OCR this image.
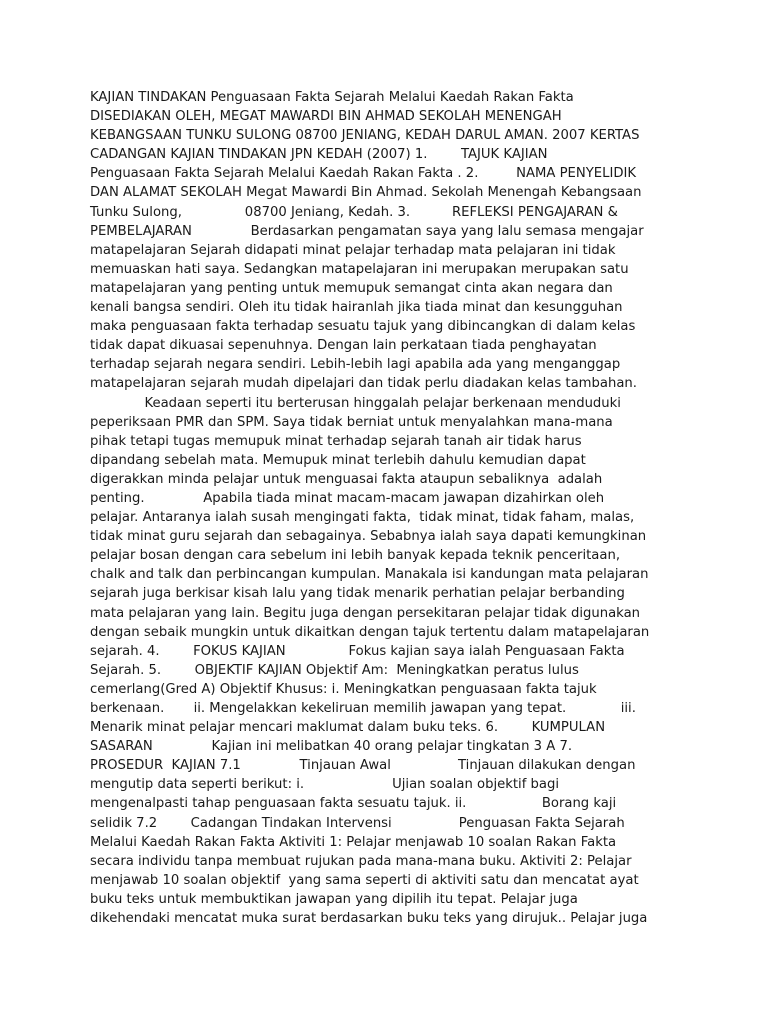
KAJIAN TINDAKAN Penguasaan Fakta Sejarah Melalui Kaedah Rakan Fakta
DISEDIAKAN OLEH, MEGAT MAWARDI BIN AHMAD SEKOLAH MENENGAH
KEBANGSAAN TUNKU SULONG 08700 JENIANG, KEDAH DARUL AMAN. 2007 KERTAS
CADANGAN KAJIAN TINDAKAN JPN KEDAH (2007) 1.        TAJUK KAJIAN
Penguasaan Fakta Sejarah Melalui Kaedah Rakan Fakta . 2.         NAMA PENYELIDIK
DAN ALAMAT SEKOLAH Megat Mawardi Bin Ahmad. Sekolah Menengah Kebangsaan
Tunku Sulong,               08700 Jeniang, Kedah. 3.          REFLEKSI PENGAJARAN &
PEMBELAJARAN              Berdasarkan pengamatan saya yang lalu semasa mengajar
matapelajaran Sejarah didapati minat pelajar terhadap mata pelajaran ini tidak
memuaskan hati saya. Sedangkan matapelajaran ini merupakan merupakan satu
matapelajaran yang penting untuk memupuk semangat cinta akan negara dan
kenali bangsa sendiri. Oleh itu tidak hairanlah jika tiada minat dan kesungguhan
maka penguasaan fakta terhadap sesuatu tajuk yang dibincangkan di dalam kelas
tidak dapat dikuasai sepenuhnya. Dengan lain perkataan tiada penghayatan
terhadap sejarah negara sendiri. Lebih-lebih lagi apabila ada yang menganggap
matapelajaran sejarah mudah dipelajari dan tidak perlu diadakan kelas tambahan.
Keadaan seperti itu berterusan hinggalah pelajar berkenaan menduduki
peperiksaan PMR dan SPM. Saya tidak berniat untuk menyalahkan mana-mana
pihak tetapi tugas memupuk minat terhadap sejarah tanah air tidak harus
dipandang sebelah mata. Memupuk minat terlebih dahulu kemudian dapat
digerakkan minda pelajar untuk menguasai fakta ataupun sebaliknya  adalah
penting.              Apabila tiada minat macam-macam jawapan dizahirkan oleh
pelajar. Antaranya ialah susah mengingati fakta,  tidak minat, tidak faham, malas,
tidak minat guru sejarah dan sebagainya. Sebabnya ialah saya dapati kemungkinan
pelajar bosan dengan cara sebelum ini lebih banyak kepada teknik penceritaan,
chalk and talk dan perbincangan kumpulan. Manakala isi kandungan mata pelajaran
sejarah juga berkisar kisah lalu yang tidak menarik perhatian pelajar berbanding
mata pelajaran yang lain. Begitu juga dengan persekitaran pelajar tidak digunakan
dengan sebaik mungkin untuk dikaitkan dengan tajuk tertentu dalam matapelajaran
sejarah. 4.        FOKUS KAJIAN               Fokus kajian saya ialah Penguasaan Fakta
Sejarah. 5.        OBJEKTIF KAJIAN Objektif Am:  Meningkatkan peratus lulus
cemerlang(Gred A) Objektif Khusus: i. Meningkatkan penguasaan fakta tajuk
berkenaan.       ii. Mengelakkan kekeliruan memilih jawapan yang tepat.             iii.
Menarik minat pelajar mencari maklumat dalam buku teks. 6.        KUMPULAN
SASARAN              Kajian ini melibatkan 40 orang pelajar tingkatan 3 A 7.
PROSEDUR  KAJIAN 7.1              Tinjauan Awal                Tinjauan dilakukan dengan
mengutip data seperti berikut: i.                     Ujian soalan objektif bagi
mengenalpasti tahap penguasaan fakta sesuatu tajuk. ii.                  Borang kaji
selidik 7.2        Cadangan Tindakan Intervensi                Penguasan Fakta Sejarah
Melalui Kaedah Rakan Fakta Aktiviti 1: Pelajar menjawab 10 soalan Rakan Fakta
secara individu tanpa membuat rujukan pada mana-mana buku. Aktiviti 2: Pelajar
menjawab 10 soalan objektif  yang sama seperti di aktiviti satu dan mencatat ayat
buku teks untuk membuktikan jawapan yang dipilih itu tepat. Pelajar juga
dikehendaki mencatat muka surat berdasarkan buku teks yang dirujuk.. Pelajar juga
